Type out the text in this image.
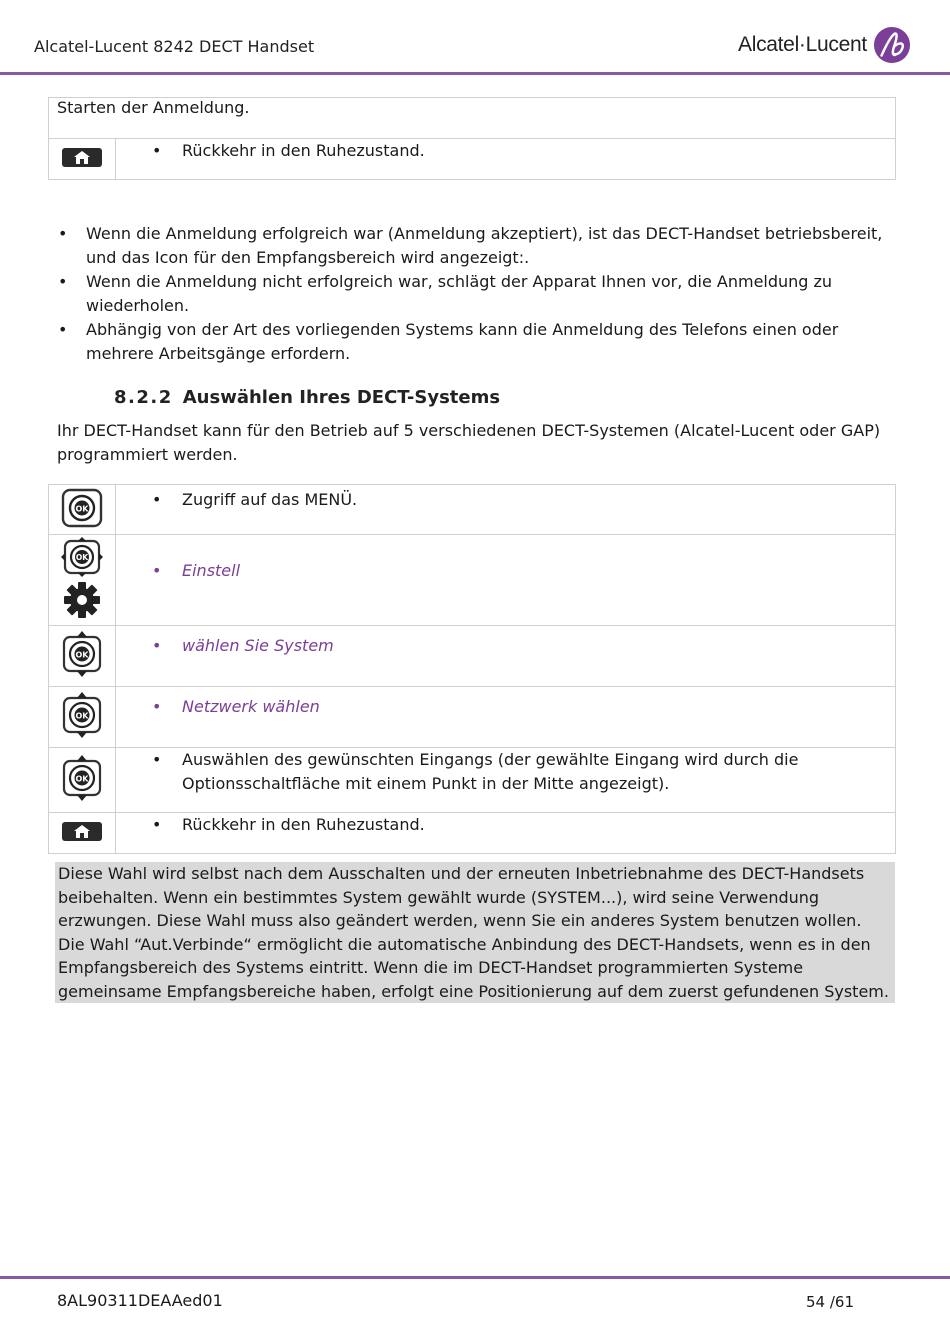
Alcatel-Lucent 8242 DECT Handset	Alcatel·Lucent
Starten der Anmeldung.

• Rückkehr in den Ruhezustand.
• Wenn die Anmeldung erfolgreich war (Anmeldung akzeptiert), ist das DECT-Handset betriebsbereit, und das Icon für den Empfangsbereich wird angezeigt:.
• Wenn die Anmeldung nicht erfolgreich war, schlägt der Apparat Ihnen vor, die Anmeldung zu wiederholen.
• Abhängig von der Art des vorliegenden Systems kann die Anmeldung des Telefons einen oder mehrere Arbeitsgänge erfordern.
8.2.2 Auswählen Ihres DECT-Systems
Ihr DECT-Handset kann für den Betrieb auf 5 verschiedenen DECT-Systemen (Alcatel-Lucent oder GAP) programmiert werden.
OK	• Zugriff auf das MENÜ.

OK	• Einstell

OK	• wählen Sie System

OK	• Netzwerk wählen

OK	• Auswählen des gewünschten Eingangs (der gewählte Eingang wird durch die Optionsschaltfläche mit einem Punkt in der Mitte angezeigt).

• Rückkehr in den Ruhezustand.
Diese Wahl wird selbst nach dem Ausschalten und der erneuten Inbetriebnahme des DECT-Handsets beibehalten. Wenn ein bestimmtes System gewählt wurde (SYSTEM...), wird seine Verwendung erzwungen. Diese Wahl muss also geändert werden, wenn Sie ein anderes System benutzen wollen. Die Wahl “Aut.Verbinde“ ermöglicht die automatische Anbindung des DECT-Handsets, wenn es in den Empfangsbereich des Systems eintritt. Wenn die im DECT-Handset programmierten Systeme gemeinsame Empfangsbereiche haben, erfolgt eine Positionierung auf dem zuerst gefundenen System.
8AL90311DEAAed01	54 /61
